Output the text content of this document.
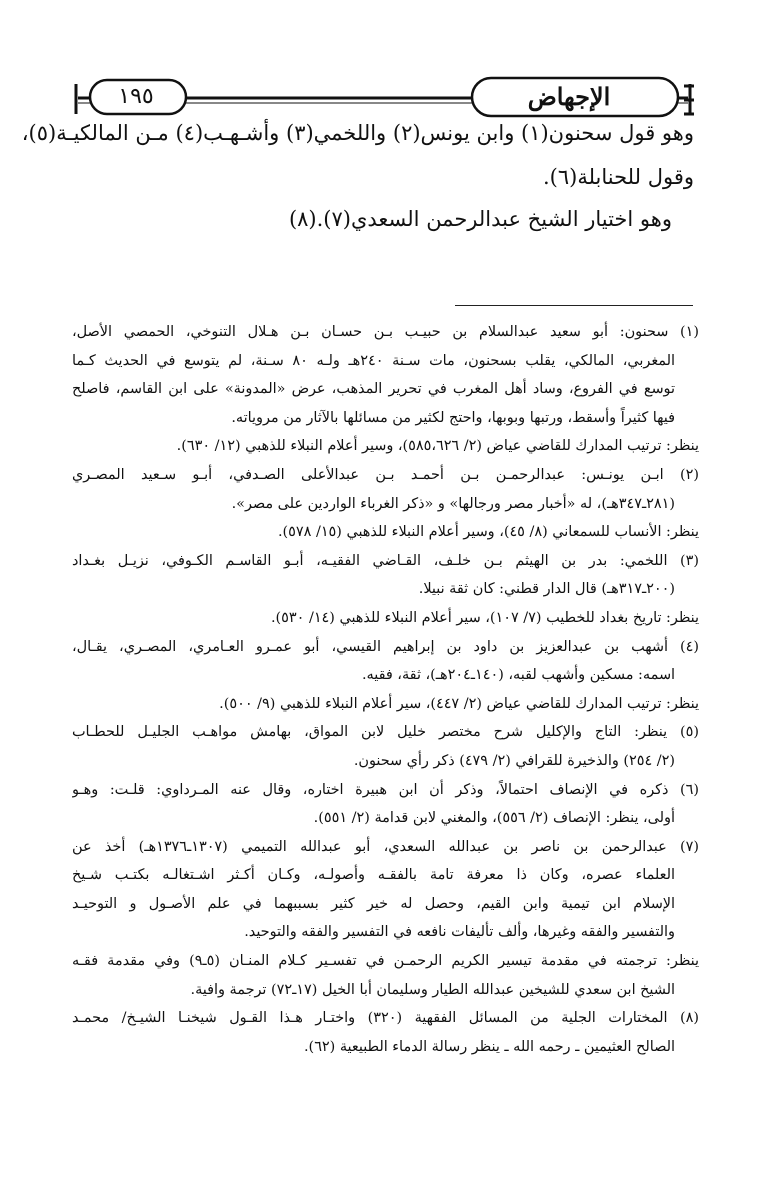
الإجهاض
١٩٥
وهو قول سحنون(١) وابن يونس(٢) واللخمي(٣) وأشـهـب(٤) مـن المالكيـة(٥)،
وقول للحنابلة(٦).
وهو اختيار الشيخ عبدالرحمن السعدي(٧).(٨)
(١) سحنون: أبو سعيد عبدالسلام بن حبيـب بـن حسـان بـن هـلال التنوخي، الحمصي الأصل،
المغربي، المالكي، يقلب بسحنون، مات سـنة ٢٤٠هـ ولـه ٨٠ سـنة، لم يتوسع في الحديث كـما
توسع في الفروع، وساد أهل المغرب في تحرير المذهب، عرض «المدونة» على ابن القاسم، فاصلح
فيها كثيراً وأسقط، ورتبها وبوبها، واحتج لكثير من مسائلها بالآثار من مروياته.
ينظر: ترتيب المدارك للقاضي عياض (٢/ ٥٨٥،٦٢٦)، وسير أعلام النبلاء للذهبي (١٢/ ٦٣٠).
(٢) ابـن يونـس: عبدالرحمـن بـن أحمـد بـن عبدالأعلى الصـدفي، أبـو سـعيد المصـري
(٢٨١ـ٣٤٧هـ)، له «أخبار مصر ورجالها» و «ذكر الغرباء الواردين على مصر».
ينظر: الأنساب للسمعاني (٨/ ٤٥)، وسير أعلام النبلاء للذهبي (١٥/ ٥٧٨).
(٣) اللخمي: بدر بن الهيثم بـن خلـف، القـاضي الفقيـه، أبـو القاسـم الكـوفي، نزيـل بغـداد
(٢٠٠ـ٣١٧هـ) قال الدار قطني: كان ثقة نبيلا.
ينظر: تاريخ بغداد للخطيب (٧/ ١٠٧)، سير أعلام النبلاء للذهبي (١٤/ ٥٣٠).
(٤) أشهب بن عبدالعزيز بن داود بن إبراهيم القيسي، أبو عمـرو العـامري، المصـري، يقـال،
اسمه: مسكين وأشهب لقبه، (١٤٠ـ٢٠٤هـ)، ثقة، فقيه.
ينظر: ترتيب المدارك للقاضي عياض (٢/ ٤٤٧)، سير أعلام النبلاء للذهبي (٩/ ٥٠٠).
(٥) ينظر: التاج والإكليل شرح مختصر خليل لابن المواق، بهامش مواهـب الجليـل للحطـاب
(٢/ ٢٥٤) والذخيرة للقرافي (٢/ ٤٧٩) ذكر رأي سحنون.
(٦) ذكره في الإنصاف احتمالاً، وذكر أن ابن هبيرة اختاره، وقال عنه المـرداوي: قلـت: وهـو
أولى، ينظر: الإنصاف (٢/ ٥٥٦)، والمغني لابن قدامة (٢/ ٥٥١).
(٧) عبدالرحمن بن ناصر بن عبدالله السعدي، أبو عبدالله التميمي (١٣٠٧ـ١٣٧٦هـ) أخذ عن
العلماء عصره، وكان ذا معرفة تامة بالفقـه وأصولـه، وكـان أكـثر اشـتغالـه بكتـب شـيخ
الإسلام ابن تيمية وابن القيم، وحصل له خير كثير بسببهما في علم الأصـول و التوحيـد
والتفسير والفقه وغيرها، وألف تأليفات نافعه في التفسير والفقه والتوحيد.
ينظر: ترجمته في مقدمة تيسير الكريم الرحمـن في تفسـير كـلام المنـان (٥ـ٩) وفي مقدمة فقـه
الشيخ ابن سعدي للشيخين عبدالله الطيار وسليمان أبا الخيل (١٧ـ٧٢) ترجمة وافية.
(٨) المختارات الجلية من المسائل الفقهية (٣٢٠) واختـار هـذا القـول شيخنـا الشيـخ/ محمـد
الصالح العثيمين ـ رحمه الله ـ ينظر رسالة الدماء الطبيعية (٦٢).
